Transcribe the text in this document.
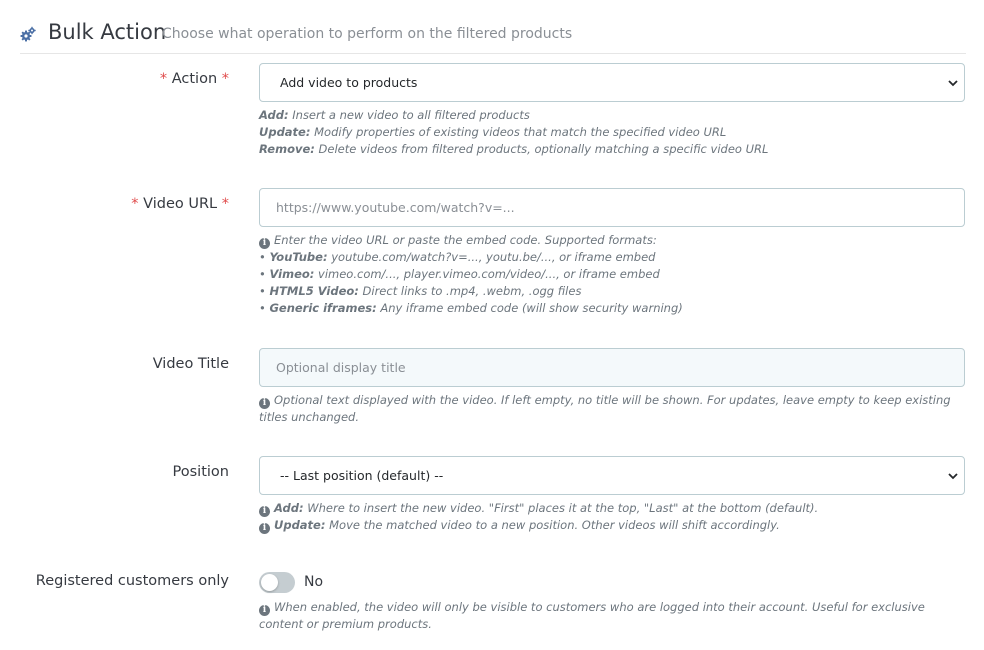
Bulk Action
Choose what operation to perform on the filtered products
* Action *	Add video to products
Add: Insert a new video to all filtered products
Update: Modify properties of existing videos that match the specified video URL
Remove: Delete videos from filtered products, optionally matching a specific video URL
* Video URL *	https://www.youtube.com/watch?v=...
i Enter the video URL or paste the embed code. Supported formats:
• YouTube: youtube.com/watch?v=..., youtu.be/..., or iframe embed
• Vimeo: vimeo.com/..., player.vimeo.com/video/..., or iframe embed
• HTML5 Video: Direct links to .mp4, .webm, .ogg files
• Generic iframes: Any iframe embed code (will show security warning)
Video Title	Optional display title
i Optional text displayed with the video. If left empty, no title will be shown. For updates, leave empty to keep existing titles unchanged.
Position	-- Last position (default) --
i Add: Where to insert the new video. "First" places it at the top, "Last" at the bottom (default).
i Update: Move the matched video to a new position. Other videos will shift accordingly.
Registered customers only	No
i When enabled, the video will only be visible to customers who are logged into their account. Useful for exclusive content or premium products.
